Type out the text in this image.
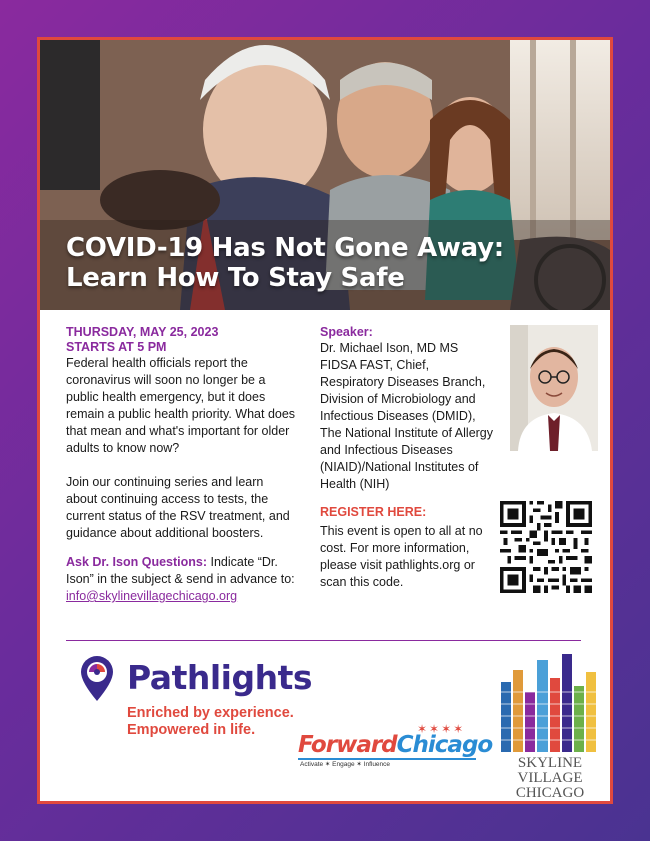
COVID-19 Has Not Gone Away:
Learn How To Stay Safe
THURSDAY, MAY 25, 2023
STARTS AT 5 PM
Federal health officials report the coronavirus will soon no longer be a public health emergency, but it does remain a public health priority. What does that mean and what's important for older adults to know now?
Join our continuing series and learn about continuing access to tests, the current status of the RSV treatment, and guidance about additional boosters.
Ask Dr. Ison Questions: Indicate “Dr. Ison” in the subject & send in advance to: info@skylinevillagechicago.org
Speaker:
Dr. Michael Ison, MD MS FIDSA FAST, Chief, Respiratory Diseases Branch, Division of Microbiology and Infectious Diseases (DMID), The National Institute of Allergy and Infectious Diseases (NIAID)/National Institutes of Health (NIH)
REGISTER HERE:
This event is open to all at no cost. For more information, please visit pathlights.org or scan this code.
Pathlights
Enriched by experience.
Empowered in life.	✶✶✶✶
ForwardChicago
Activate ✶ Engage ✶ Influence	SKYLINE
VILLAGE
CHICAGO
